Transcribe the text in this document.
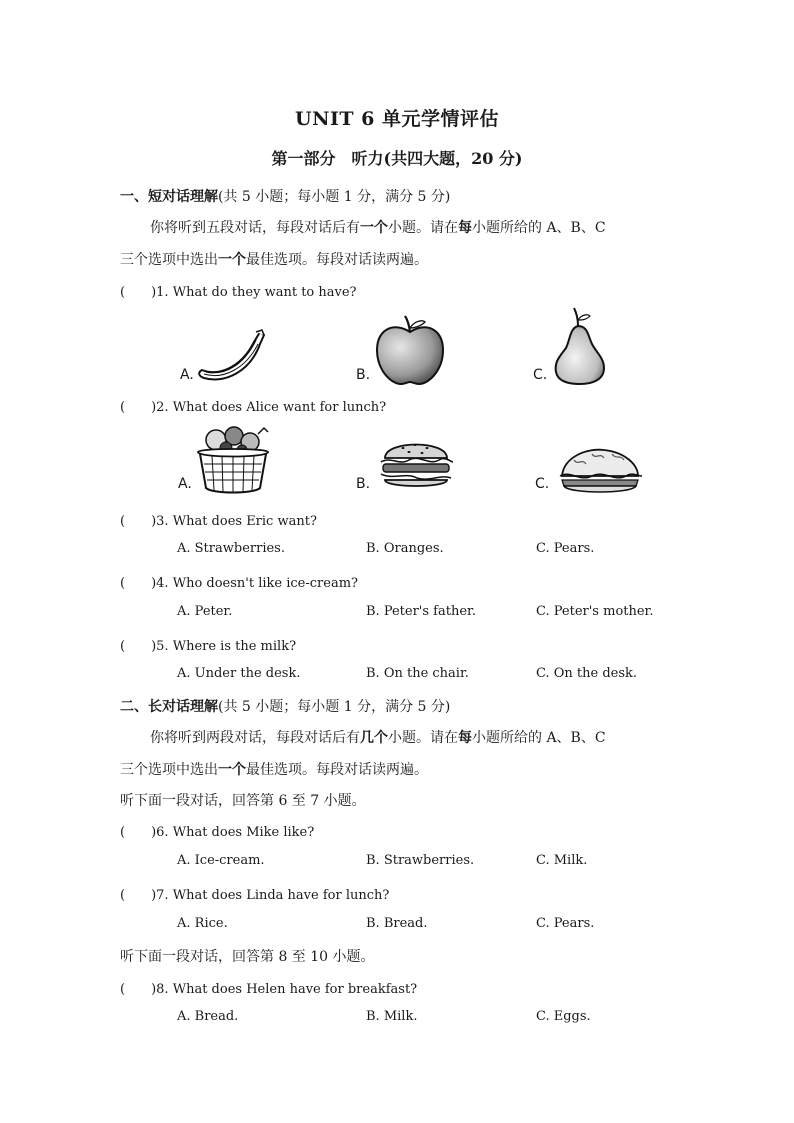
UNIT 6 单元学情评估
第一部分　听力(共四大题，20 分)
一、短对话理解(共 5 小题；每小题 1 分，满分 5 分)
你将听到五段对话，每段对话后有一个小题。请在每小题所给的 A、B、C
三个选项中选出一个最佳选项。每段对话读两遍。
(　　)1. What do they want to have?
A.	B.	C.
(　　)2. What does Alice want for lunch?
A.	B.	C.
(　　)3. What does Eric want?
A. Strawberries.	B. Oranges.	C. Pears.
(　　)4. Who doesn't like ice-cream?
A. Peter.	B. Peter's father.	C. Peter's mother.
(　　)5. Where is the milk?
A. Under the desk.	B. On the chair.	C. On the desk.
二、长对话理解(共 5 小题；每小题 1 分，满分 5 分)
你将听到两段对话，每段对话后有几个小题。请在每小题所给的 A、B、C
三个选项中选出一个最佳选项。每段对话读两遍。
听下面一段对话，回答第 6 至 7 小题。
(　　)6. What does Mike like?
A. Ice-cream.	B. Strawberries.	C. Milk.
(　　)7. What does Linda have for lunch?
A. Rice.	B. Bread.	C. Pears.
听下面一段对话，回答第 8 至 10 小题。
(　　)8. What does Helen have for breakfast?
A. Bread.	B. Milk.	C. Eggs.
